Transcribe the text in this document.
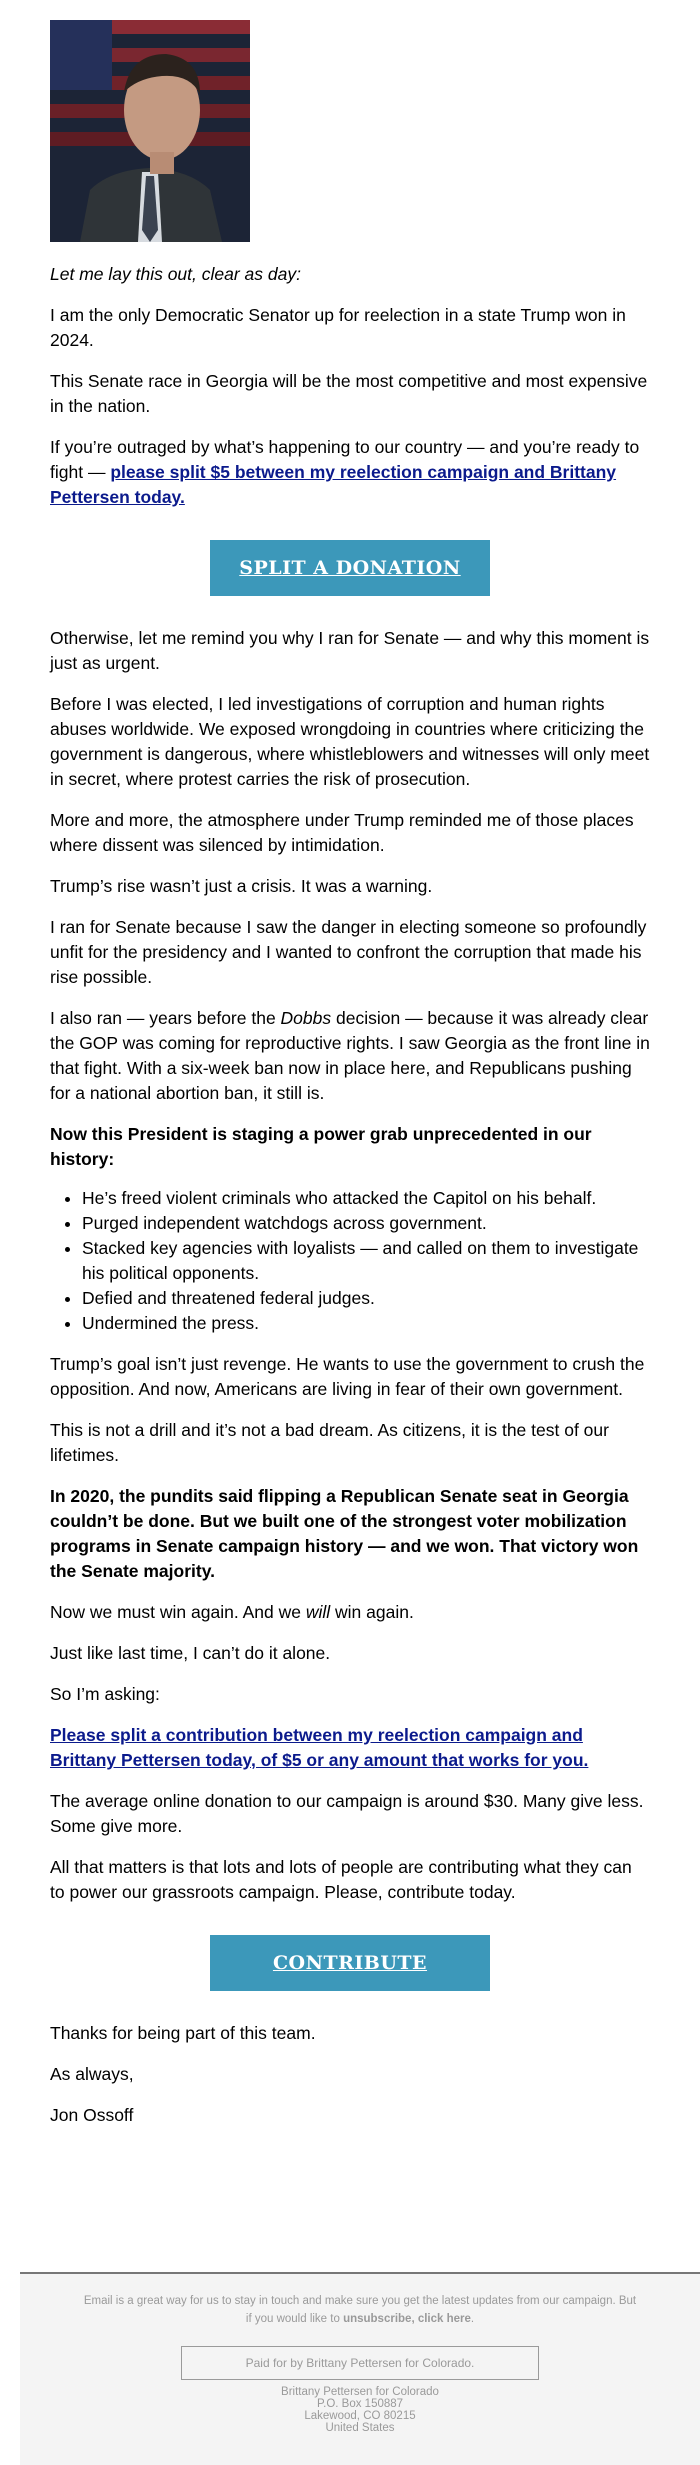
Let me lay this out, clear as day:

I am the only Democratic Senator up for reelection in a state Trump won in 2024.

This Senate race in Georgia will be the most competitive and most expensive in the nation.

If you’re outraged by what’s happening to our country — and you’re ready to fight — please split $5 between my reelection campaign and Brittany Pettersen today.

SPLIT A DONATION

Otherwise, let me remind you why I ran for Senate — and why this moment is just as urgent.

Before I was elected, I led investigations of corruption and human rights abuses worldwide. We exposed wrongdoing in countries where criticizing the government is dangerous, where whistleblowers and witnesses will only meet in secret, where protest carries the risk of prosecution.

More and more, the atmosphere under Trump reminded me of those places where dissent was silenced by intimidation.

Trump’s rise wasn’t just a crisis. It was a warning.

I ran for Senate because I saw the danger in electing someone so profoundly unfit for the presidency and I wanted to confront the corruption that made his rise possible.

I also ran — years before the Dobbs decision — because it was already clear the GOP was coming for reproductive rights. I saw Georgia as the front line in that fight. With a six-week ban now in place here, and Republicans pushing for a national abortion ban, it still is.

Now this President is staging a power grab unprecedented in our history:

• He’s freed violent criminals who attacked the Capitol on his behalf.
• Purged independent watchdogs across government.
• Stacked key agencies with loyalists — and called on them to investigate his political opponents.
• Defied and threatened federal judges.
• Undermined the press.

Trump’s goal isn’t just revenge. He wants to use the government to crush the opposition. And now, Americans are living in fear of their own government.

This is not a drill and it’s not a bad dream. As citizens, it is the test of our lifetimes.

In 2020, the pundits said flipping a Republican Senate seat in Georgia couldn’t be done. But we built one of the strongest voter mobilization programs in Senate campaign history — and we won. That victory won the Senate majority.

Now we must win again. And we will win again.

Just like last time, I can’t do it alone.

So I’m asking:

Please split a contribution between my reelection campaign and Brittany Pettersen today, of $5 or any amount that works for you.

The average online donation to our campaign is around $30. Many give less. Some give more.

All that matters is that lots and lots of people are contributing what they can to power our grassroots campaign. Please, contribute today.

CONTRIBUTE

Thanks for being part of this team.

As always,

Jon Ossoff

Email is a great way for us to stay in touch and make sure you get the latest updates from our campaign. But if you would like to unsubscribe, click here.
Paid for by Brittany Pettersen for Colorado.
Brittany Pettersen for Colorado
P.O. Box 150887
Lakewood, CO 80215
United States
